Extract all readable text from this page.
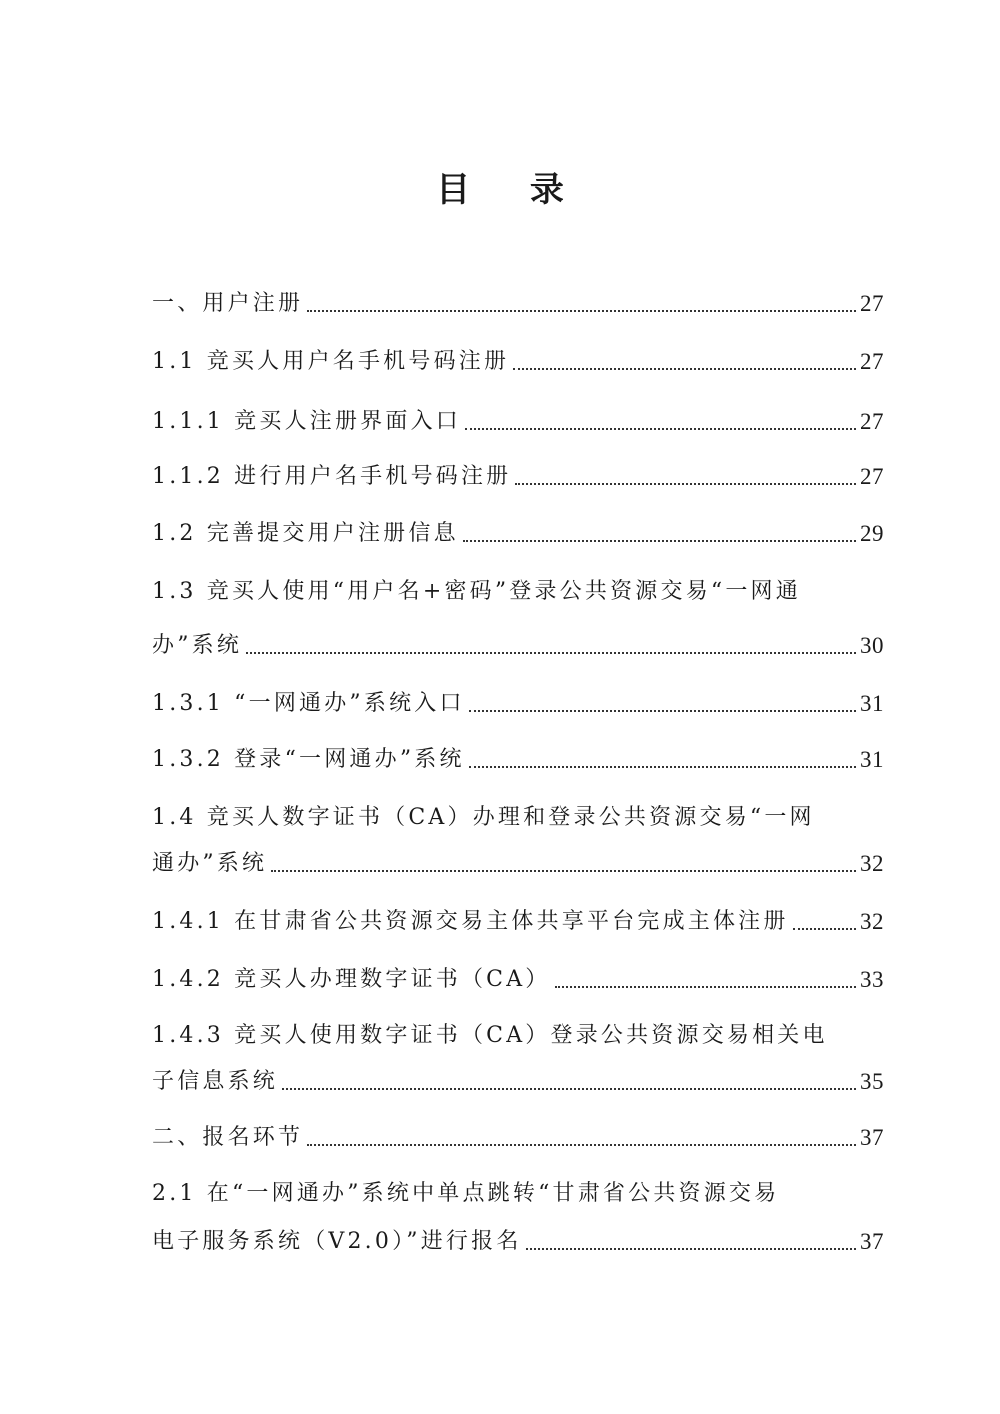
目 录
一、用户注册	27
1.1 竞买人用户名手机号码注册	27
1.1.1 竞买人注册界面入口	27
1.1.2 进行用户名手机号码注册	27
1.2 完善提交用户注册信息	29
1.3 竞买人使用“用户名+密码”登录公共资源交易“一网通
办”系统	30
1.3.1 “一网通办”系统入口	31
1.3.2 登录“一网通办”系统	31
1.4 竞买人数字证书（CA）办理和登录公共资源交易“一网
通办”系统	32
1.4.1 在甘肃省公共资源交易主体共享平台完成主体注册	32
1.4.2 竞买人办理数字证书（CA）	33
1.4.3 竞买人使用数字证书（CA）登录公共资源交易相关电
子信息系统	35
二、报名环节	37
2.1 在“一网通办”系统中单点跳转“甘肃省公共资源交易
电子服务系统（V2.0）”进行报名	37
